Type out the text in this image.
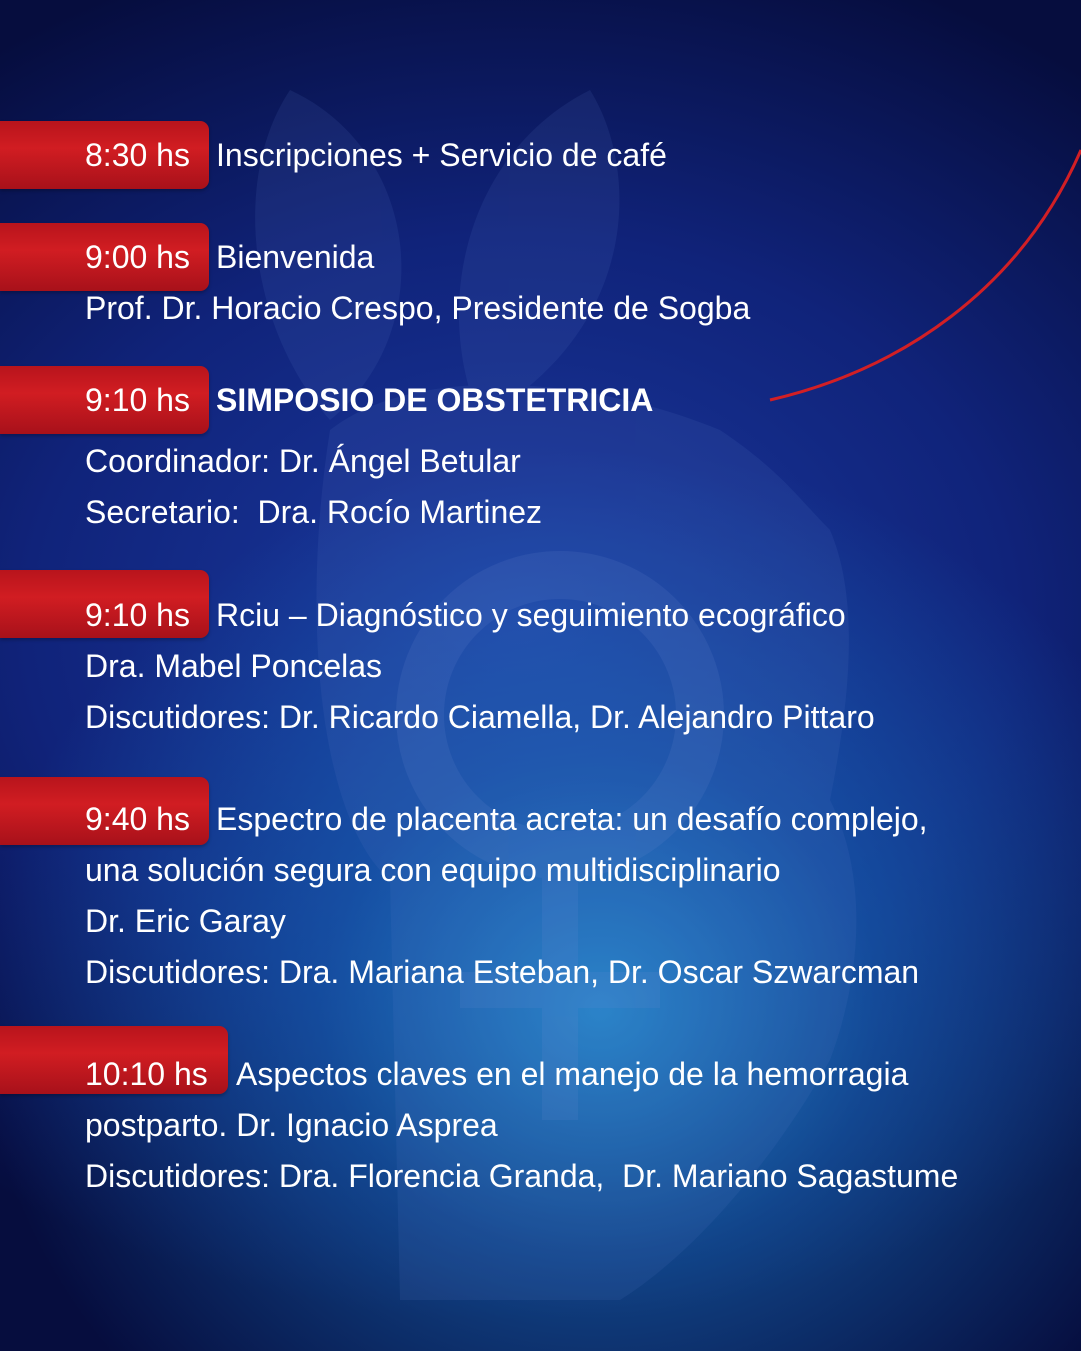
8:30 hs Inscripciones + Servicio de café
9:00 hs Bienvenida
Prof. Dr. Horacio Crespo, Presidente de Sogba
9:10 hs SIMPOSIO DE OBSTETRICIA
Coordinador: Dr. Ángel Betular
Secretario:  Dra. Rocío Martinez
9:10 hs Rciu – Diagnóstico y seguimiento ecográfico
Dra. Mabel Poncelas
Discutidores: Dr. Ricardo Ciamella, Dr. Alejandro Pittaro
9:40 hs Espectro de placenta acreta: un desafío complejo,
una solución segura con equipo multidisciplinario
Dr. Eric Garay
Discutidores: Dra. Mariana Esteban, Dr. Oscar Szwarcman
10:10 hs Aspectos claves en el manejo de la hemorragia
postparto. Dr. Ignacio Asprea
Discutidores: Dra. Florencia Granda,  Dr. Mariano Sagastume
